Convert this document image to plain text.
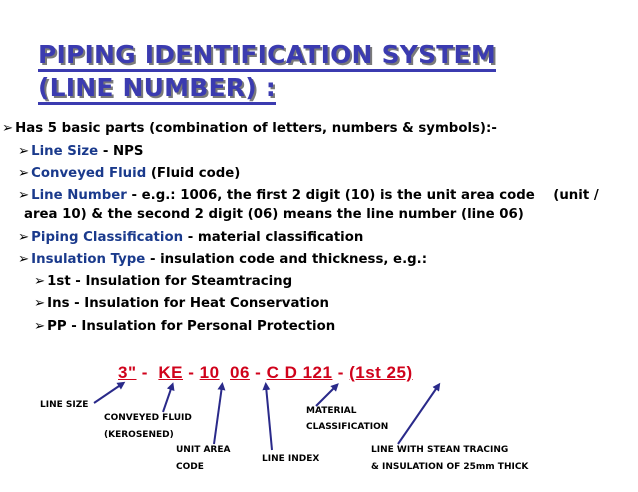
PIPING IDENTIFICATION SYSTEM
(LINE NUMBER) :
➢ Has 5 basic parts (combination of letters, numbers & symbols):-
➢ Line Size - NPS
➢ Conveyed Fluid (Fluid code)
➢ Line Number - e.g.: 1006, the first 2 digit (10) is the unit area code    (unit /
area 10) & the second 2 digit (06) means the line number (line 06)
➢ Piping Classification - material classification
➢ Insulation Type - insulation code and thickness, e.g.:
➢ 1st - Insulation for Steamtracing
➢ Ins - Insulation for Heat Conservation
➢ PP - Insulation for Personal Protection
3" - KE - 10 06 - C D 121 - (1st 25)
LINE SIZE
CONVEYED FLUID
(KEROSENED)
UNIT AREA
CODE
LINE INDEX
MATERIAL
CLASSIFICATION
LINE WITH STEAN TRACING
& INSULATION OF 25mm THICK
